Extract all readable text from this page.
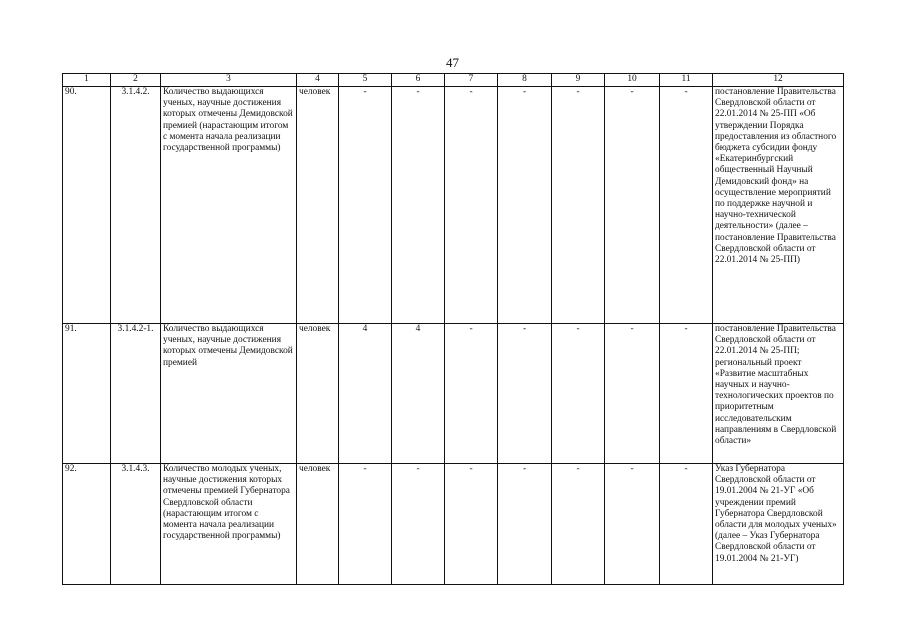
47
1	2	3	4	5	6	7	8	9	10	11	12
90.	3.1.4.2.	Количество выдающихся ученых, научные достижения которых отмечены Демидовской премией (нарастающим итогом с момента начала реализации государственной программы)	человек	-	-	-	-	-	-	-	постановление Правительства Свердловской области от 22.01.2014 № 25-ПП «Об утверждении Порядка предоставления из областного бюджета субсидии фонду «Екатеринбургский общественный Научный Демидовский фонд» на осуществление мероприятий по поддержке научной и научно-технической деятельности» (далее – постановление Правительства Свердловской области от 22.01.2014 № 25-ПП)
91.	3.1.4.2-1.	Количество выдающихся ученых, научные достижения которых отмечены Демидовской премией	человек	4	4	-	-	-	-	-	постановление Правительства Свердловской области от 22.01.2014 № 25-ПП; региональный проект «Развитие масштабных научных и научно-технологических проектов по приоритетным исследовательским направлениям в Свердловской области»
92.	3.1.4.3.	Количество молодых ученых, научные достижения которых отмечены премией Губернатора Свердловской области (нарастающим итогом с момента начала реализации государственной программы)	человек	-	-	-	-	-	-	-	Указ Губернатора Свердловской области от 19.01.2004 № 21-УГ «Об учреждении премий Губернатора Свердловской области для молодых ученых» (далее – Указ Губернатора Свердловской области от 19.01.2004 № 21-УГ)
